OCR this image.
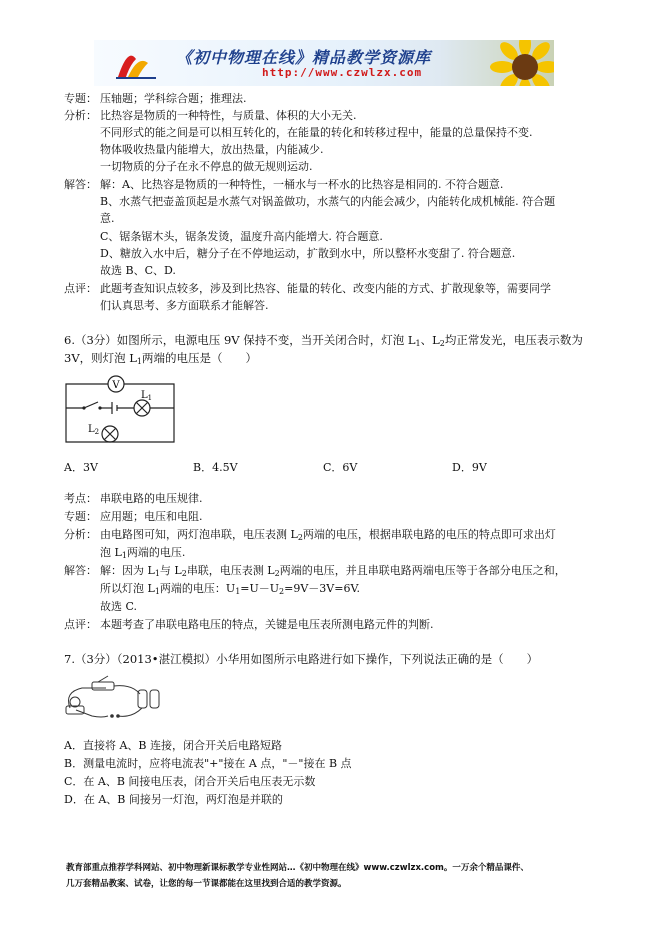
《初中物理在线》精品教学资源库
http://www.czwlzx.com
专题： 压轴题；学科综合题；推理法.
分析： 比热容是物质的一种特性，与质量、体积的大小无关.
不同形式的能之间是可以相互转化的，在能量的转化和转移过程中，能量的总量保持不变.
物体吸收热量内能增大，放出热量，内能减少.
一切物质的分子在永不停息的做无规则运动.
解答： 解：A、比热容是物质的一种特性，一桶水与一杯水的比热容是相同的. 不符合题意.
B、水蒸气把壶盖顶起是水蒸气对锅盖做功，水蒸气的内能会减少，内能转化成机械能. 符合题
意.
C、锯条锯木头，锯条发烫，温度升高内能增大. 符合题意.
D、糖放入水中后，糖分子在不停地运动，扩散到水中，所以整杯水变甜了. 符合题意.
故选 B、C、D.
点评： 此题考查知识点较多，涉及到比热容、能量的转化、改变内能的方式、扩散现象等，需要同学
们认真思考、多方面联系才能解答.
6.（3分）如图所示，电源电压 9V 保持不变，当开关闭合时，灯泡 $L_1$、$L_2$均正常发光，电压表示数为
3V，则灯泡 $L_1$两端的电压是（　　）
V
$L_1$
$L_2$
A．3V	B．4.5V	C．6V	D．9V
考点： 串联电路的电压规律.
专题： 应用题；电压和电阻.
分析： 由电路图可知，两灯泡串联，电压表测 $L_2$两端的电压，根据串联电路的电压的特点即可求出灯
泡 $L_1$两端的电压.
解答： 解：因为 $L_1$与 $L_2$串联，电压表测 $L_2$两端的电压，并且串联电路两端电压等于各部分电压之和，
所以灯泡 $L_1$两端的电压：$U_1=U-U_2=9V-3V=6V$.
故选 C.
点评： 本题考查了串联电路电压的特点，关键是电压表所测电路元件的判断.
7.（3分）（2013•湛江模拟）小华用如图所示电路进行如下操作，下列说法正确的是（　　）
A．直接将 A、B 连接，闭合开关后电路短路
B．测量电流时，应将电流表"+"接在 A 点，"－"接在 B 点
C．在 A、B 间接电压表，闭合开关后电压表无示数
D．在 A、B 间接另一灯泡，两灯泡是并联的
教育部重点推荐学科网站、初中物理新课标教学专业性网站…《初中物理在线》www.czwlzx.com。一万余个精品课件、
几万套精品教案、试卷，让您的每一节课都能在这里找到合适的教学资源。
